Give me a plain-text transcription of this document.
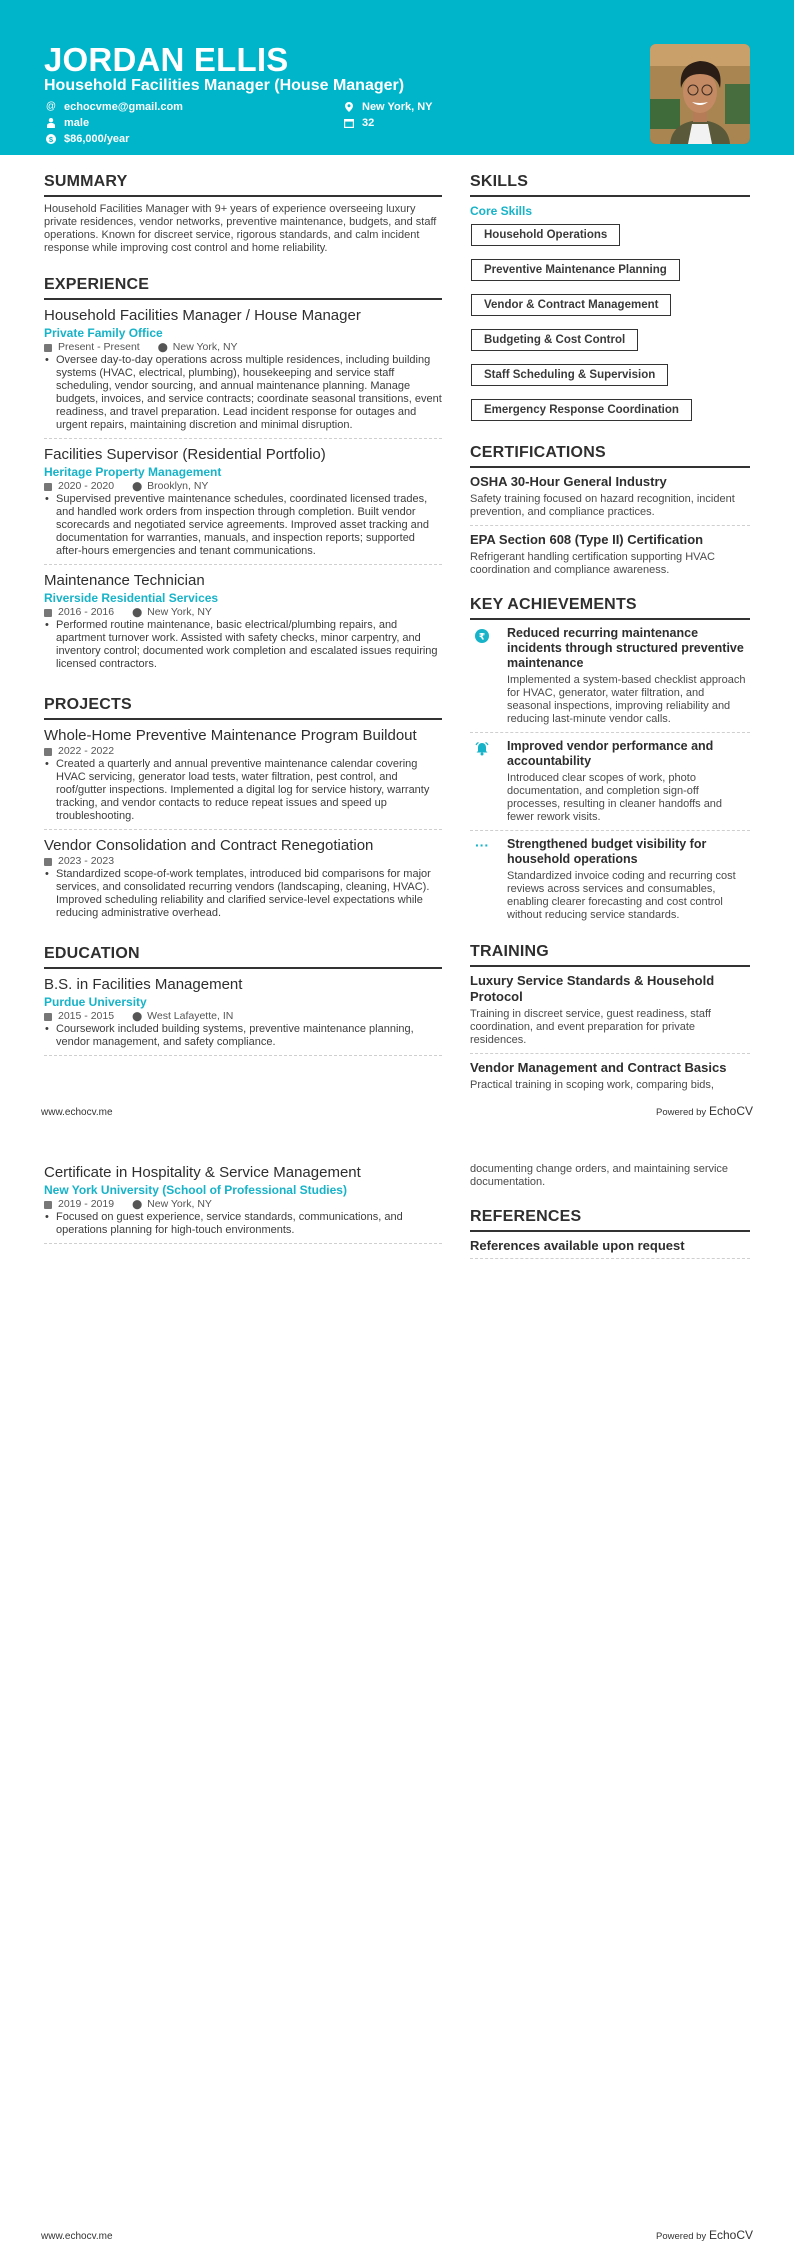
JORDAN ELLIS
Household Facilities Manager (House Manager)
@ echocvme@gmail.com	New York, NY
male	32
$ $86,000/year
SUMMARY
Household Facilities Manager with 9+ years of experience overseeing luxury private residences, vendor networks, preventive maintenance, budgets, and staff operations. Known for discreet service, rigorous standards, and calm incident response while improving cost control and home reliability.
EXPERIENCE
Household Facilities Manager / House Manager
Private Family Office
Present - Present ⬤ New York, NY
• Oversee day-to-day operations across multiple residences, including building systems (HVAC, electrical, plumbing), housekeeping and service staff scheduling, vendor sourcing, and annual maintenance planning. Manage budgets, invoices, and service contracts; coordinate seasonal transitions, event readiness, and travel preparation. Lead incident response for outages and urgent repairs, maintaining discretion and minimal disruption.
Facilities Supervisor (Residential Portfolio)
Heritage Property Management
2020 - 2020 ⬤ Brooklyn, NY
• Supervised preventive maintenance schedules, coordinated licensed trades, and handled work orders from inspection through completion. Built vendor scorecards and negotiated service agreements. Improved asset tracking and documentation for warranties, manuals, and inspection reports; supported after-hours emergencies and tenant communications.
Maintenance Technician
Riverside Residential Services
2016 - 2016 ⬤ New York, NY
• Performed routine maintenance, basic electrical/plumbing repairs, and apartment turnover work. Assisted with safety checks, minor carpentry, and inventory control; documented work completion and escalated issues requiring licensed contractors.
PROJECTS
Whole-Home Preventive Maintenance Program Buildout
2022 - 2022
• Created a quarterly and annual preventive maintenance calendar covering HVAC servicing, generator load tests, water filtration, pest control, and roof/gutter inspections. Implemented a digital log for service history, warranty tracking, and vendor contacts to reduce repeat issues and speed up troubleshooting.
Vendor Consolidation and Contract Renegotiation
2023 - 2023
• Standardized scope-of-work templates, introduced bid comparisons for major services, and consolidated recurring vendors (landscaping, cleaning, HVAC). Improved scheduling reliability and clarified service-level expectations while reducing administrative overhead.
EDUCATION
B.S. in Facilities Management
Purdue University
2015 - 2015 ⬤ West Lafayette, IN
• Coursework included building systems, preventive maintenance planning, vendor management, and safety compliance.
SKILLS
Core Skills
Household Operations
Preventive Maintenance Planning
Vendor & Contract Management
Budgeting & Cost Control
Staff Scheduling & Supervision
Emergency Response Coordination
CERTIFICATIONS
OSHA 30-Hour General Industry
Safety training focused on hazard recognition, incident prevention, and compliance practices.
EPA Section 608 (Type II) Certification
Refrigerant handling certification supporting HVAC coordination and compliance awareness.
KEY ACHIEVEMENTS
₹ Reduced recurring maintenance incidents through structured preventive maintenance
Implemented a system-based checklist approach for HVAC, generator, water filtration, and seasonal inspections, improving reliability and reducing last-minute vendor calls.
Improved vendor performance and accountability
Introduced clear scopes of work, photo documentation, and completion sign-off processes, resulting in cleaner handoffs and fewer rework visits.
···	Strengthened budget visibility for household operations
Standardized invoice coding and recurring cost reviews across services and consumables, enabling clearer forecasting and cost control without reducing service standards.
TRAINING
Luxury Service Standards & Household Protocol
Training in discreet service, guest readiness, staff coordination, and event preparation for private residences.
Vendor Management and Contract Basics
Practical training in scoping work, comparing bids,
www.echocv.me	Powered by EchoCV
Certificate in Hospitality & Service Management
New York University (School of Professional Studies)
2019 - 2019 ⬤ New York, NY
• Focused on guest experience, service standards, communications, and operations planning for high-touch environments.
documenting change orders, and maintaining service documentation.
REFERENCES
References available upon request
www.echocv.me	Powered by EchoCV
